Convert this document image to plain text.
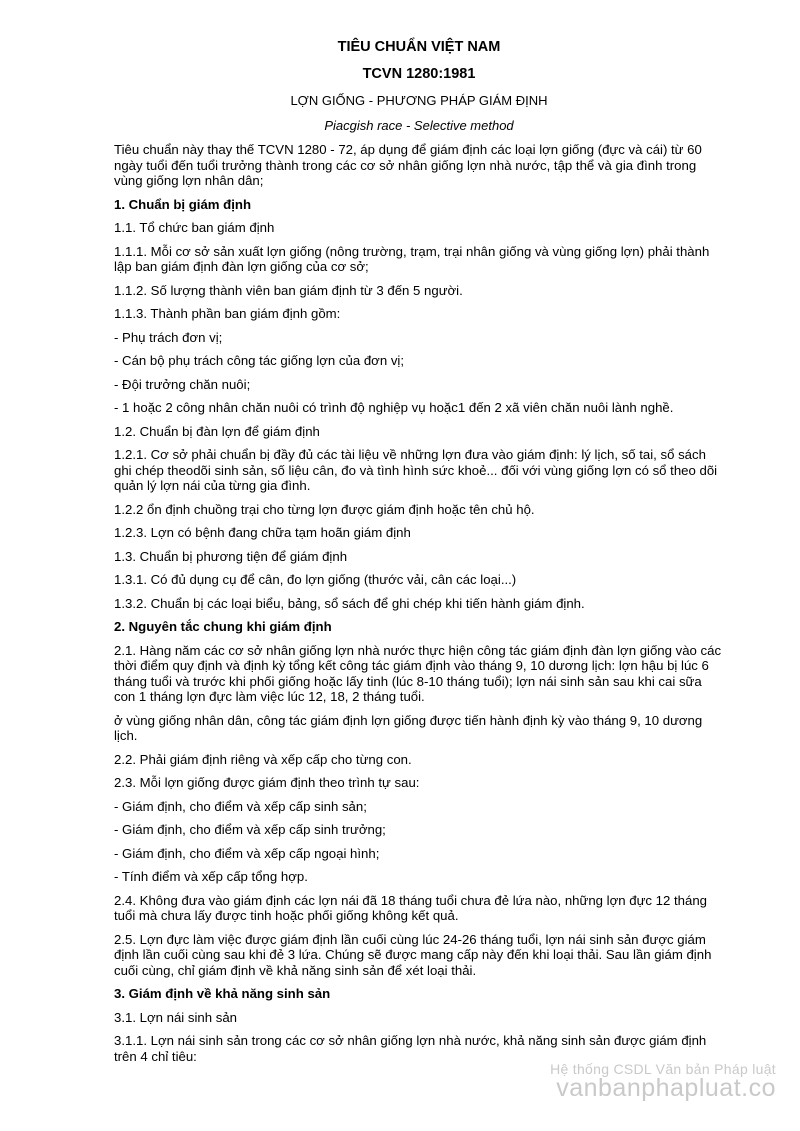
TIÊU CHUẨN VIỆT NAM
TCVN 1280:1981
LỢN GIỐNG - PHƯƠNG PHÁP GIÁM ĐỊNH
Piacgish race - Selective method

Tiêu chuẩn này thay thế TCVN 1280 - 72, áp dụng để giám định các loại lợn giống (đực và cái) từ 60 ngày tuổi đến tuổi trưởng thành trong các cơ sở nhân giống lợn nhà nước, tập thể và gia đình trong vùng giống lợn nhân dân;

1. Chuẩn bị giám định

1.1. Tổ chức ban giám định

1.1.1. Mỗi cơ sở sản xuất lợn giống (nông trường, trạm, trại nhân giống và vùng giống lợn) phải thành lập ban giám định đàn lợn giống của cơ sở;

1.1.2. Số lượng thành viên ban giám định từ 3 đến 5 người.

1.1.3. Thành phần ban giám định gồm:

- Phụ trách đơn vị;

- Cán bộ phụ trách công tác giống lợn của đơn vị;

- Đội trưởng chăn nuôi;

- 1 hoặc 2 công nhân chăn nuôi có trình độ nghiệp vụ hoặc1 đến 2 xã viên chăn nuôi lành nghề.

1.2. Chuẩn bị đàn lợn để giám định

1.2.1. Cơ sở phải chuẩn bị đầy đủ các tài liệu về những lợn đưa vào giám định: lý lịch, số tai, sổ sách ghi chép theodõi sinh sản, số liệu cân, đo và tình hình sức khoẻ... đối với vùng giống lợn có sổ theo dõi quản lý lợn nái của từng gia đình.

1.2.2 ổn định chuồng trại cho từng lợn được giám định hoặc tên chủ hộ.

1.2.3. Lợn có bệnh đang chữa tạm hoãn giám định

1.3. Chuẩn bị phương tiện để giám định

1.3.1. Có đủ dụng cụ để cân, đo lợn giống (thước vải, cân các loại...)

1.3.2. Chuẩn bị các loại biểu, bảng, sổ sách để ghi chép khi tiến hành giám định.

2. Nguyên tắc chung khi giám định

2.1. Hàng năm các cơ sở nhân giống lợn nhà nước thực hiện công tác giám định đàn lợn giống vào các thời điểm quy định và định kỳ tổng kết công tác giám định vào tháng 9, 10 dương lịch: lợn hậu bị lúc 6 tháng tuổi và trước khi phối giống hoặc lấy tinh (lúc 8-10 tháng tuổi); lợn nái sinh sản sau khi cai sữa con 1 tháng lợn đực làm việc lúc 12, 18, 2 tháng tuổi.

ở vùng giống nhân dân, công tác giám định lợn giống được tiến hành định kỳ vào tháng 9, 10 dương lịch.

2.2. Phải giám định riêng và xếp cấp cho từng con.

2.3. Mỗi lợn giống được giám định theo trình tự sau:

- Giám định, cho điểm và xếp cấp sinh sản;

- Giám định, cho điểm và xếp cấp sinh trưởng;

- Giám định, cho điểm và xếp cấp ngoại hình;

- Tính điểm và xếp cấp tổng hợp.

2.4. Không đưa vào giám định các lợn nái đã 18 tháng tuổi chưa đẻ lứa nào, những lợn đực 12 tháng tuổi mà chưa lấy được tinh hoặc phối giống không kết quả.

2.5. Lợn đực làm việc được giám định lần cuối cùng lúc 24-26 tháng tuổi, lợn nái sinh sản được giám định lần cuối cùng sau khi đẻ 3 lứa. Chúng sẽ được mang cấp này đến khi loại thải. Sau lần giám định cuối cùng, chỉ giám định về khả năng sinh sản để xét loại thải.

3. Giám định về khả năng sinh sản

3.1. Lợn nái sinh sản

3.1.1. Lợn nái sinh sản trong các cơ sở nhân giống lợn nhà nước, khả năng sinh sản được giám định trên 4 chỉ tiêu:

Hệ thống CSDL Văn bản Pháp luật
vanbanphapluat.co
